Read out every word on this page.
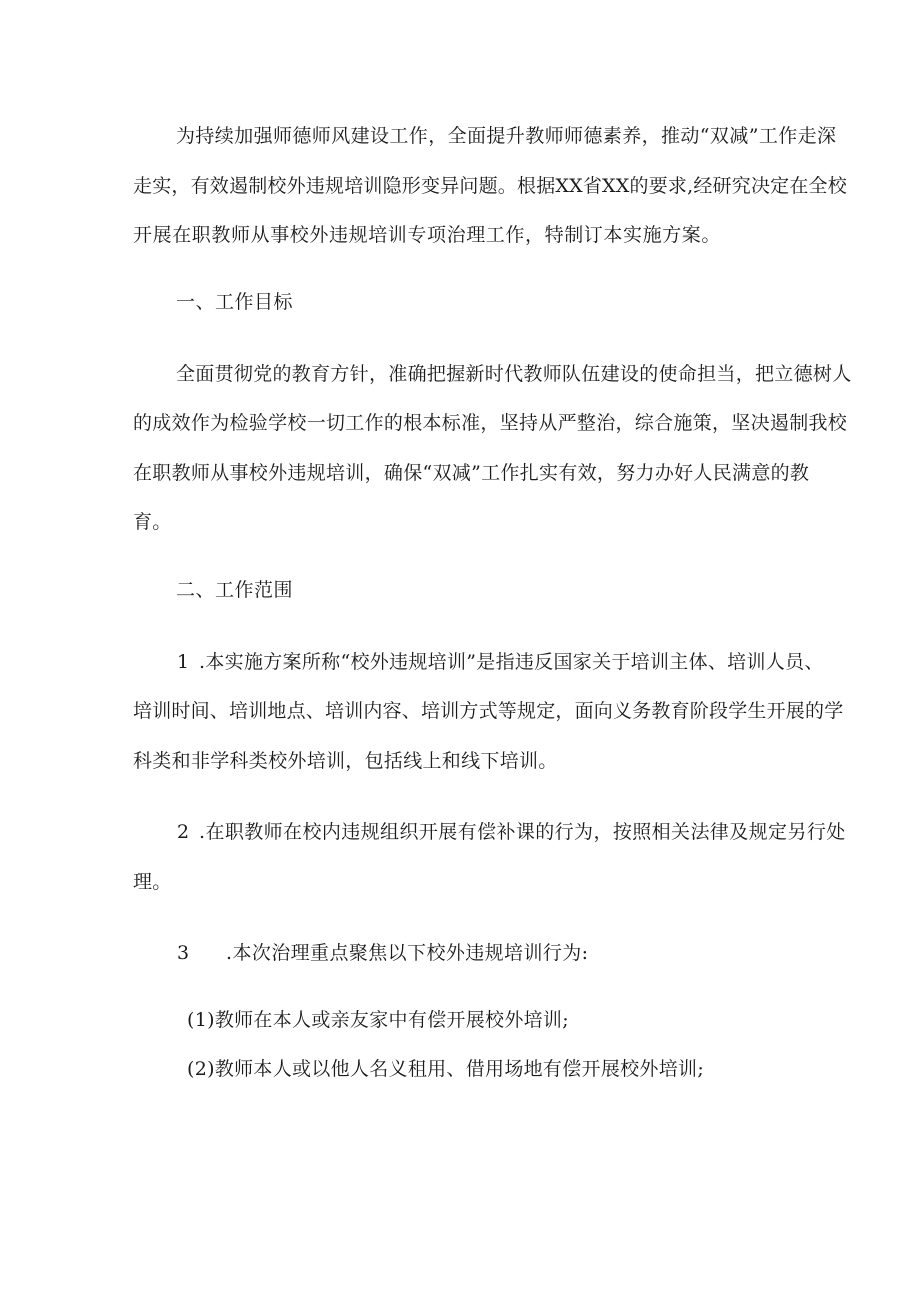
为持续加强师德师风建设工作，全面提升教师师德素养，推动“双减”工作走深
走实，有效遏制校外违规培训隐形变异问题。根据XX省XX的要求,经研究决定在全校
开展在职教师从事校外违规培训专项治理工作，特制订本实施方案。
一、工作目标
全面贯彻党的教育方针，准确把握新时代教师队伍建设的使命担当，把立德树人
的成效作为检验学校一切工作的根本标准，坚持从严整治，综合施策，坚决遏制我校
在职教师从事校外违规培训，确保“双减”工作扎实有效，努力办好人民满意的教
育。
二、工作范围
1 .本实施方案所称“校外违规培训”是指违反国家关于培训主体、培训人员、
培训时间、培训地点、培训内容、培训方式等规定，面向义务教育阶段学生开展的学
科类和非学科类校外培训，包括线上和线下培训。
2 .在职教师在校内违规组织开展有偿补课的行为，按照相关法律及规定另行处
理。
3 .本次治理重点聚焦以下校外违规培训行为:
(1)教师在本人或亲友家中有偿开展校外培训;
(2)教师本人或以他人名义租用、借用场地有偿开展校外培训;
